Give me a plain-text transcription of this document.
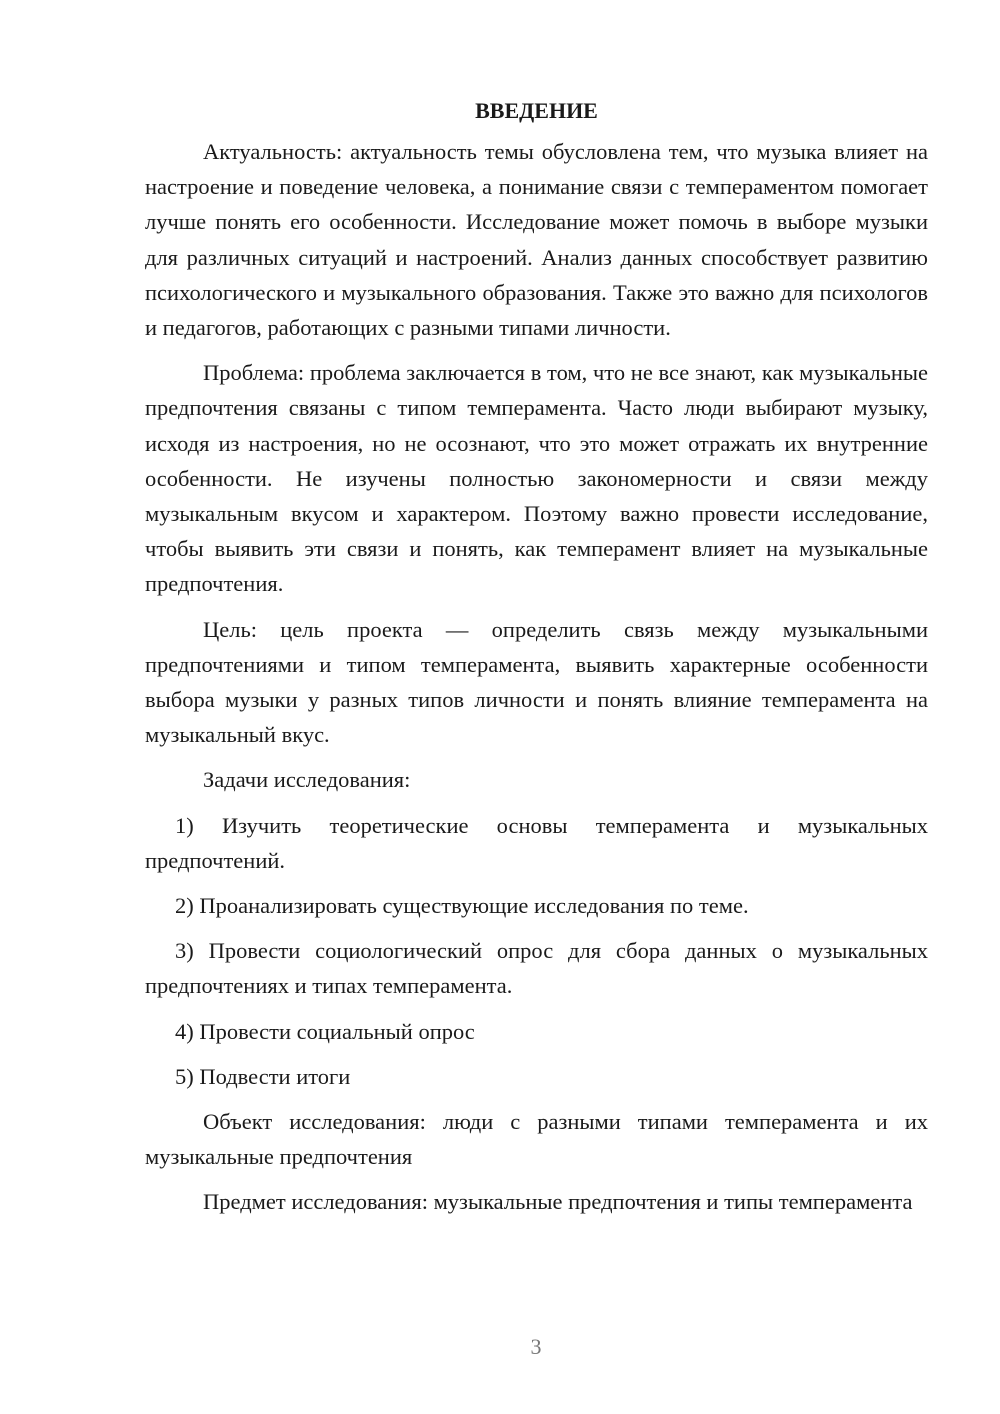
ВВЕДЕНИЕ

Актуальность: актуальность темы обусловлена тем, что музыка влияет на настроение и поведение человека, а понимание связи с темпераментом помогает лучше понять его особенности. Исследование может помочь в выборе музыки для различных ситуаций и настроений. Анализ данных способствует развитию психологического и музыкального образования. Также это важно для психологов и педагогов, работающих с разными типами личности.

Проблема: проблема заключается в том, что не все знают, как музыкальные предпочтения связаны с типом темперамента. Часто люди выбирают музыку, исходя из настроения, но не осознают, что это может отражать их внутренние особенности. Не изучены полностью закономерности и связи между музыкальным вкусом и характером. Поэтому важно провести исследование, чтобы выявить эти связи и понять, как темперамент влияет на музыкальные предпочтения.

Цель: цель проекта — определить связь между музыкальными предпочтениями и типом темперамента, выявить характерные особенности выбора музыки у разных типов личности и понять влияние темперамента на музыкальный вкус.

Задачи исследования:

1) Изучить теоретические основы темперамента и музыкальных предпочтений.

2) Проанализировать существующие исследования по теме.

3) Провести социологический опрос для сбора данных о музыкальных предпочтениях и типах темперамента.

4) Провести социальный опрос

5) Подвести итоги

Объект исследования: люди с разными типами темперамента и их музыкальные предпочтения

Предмет исследования: музыкальные предпочтения и типы темперамента

3
